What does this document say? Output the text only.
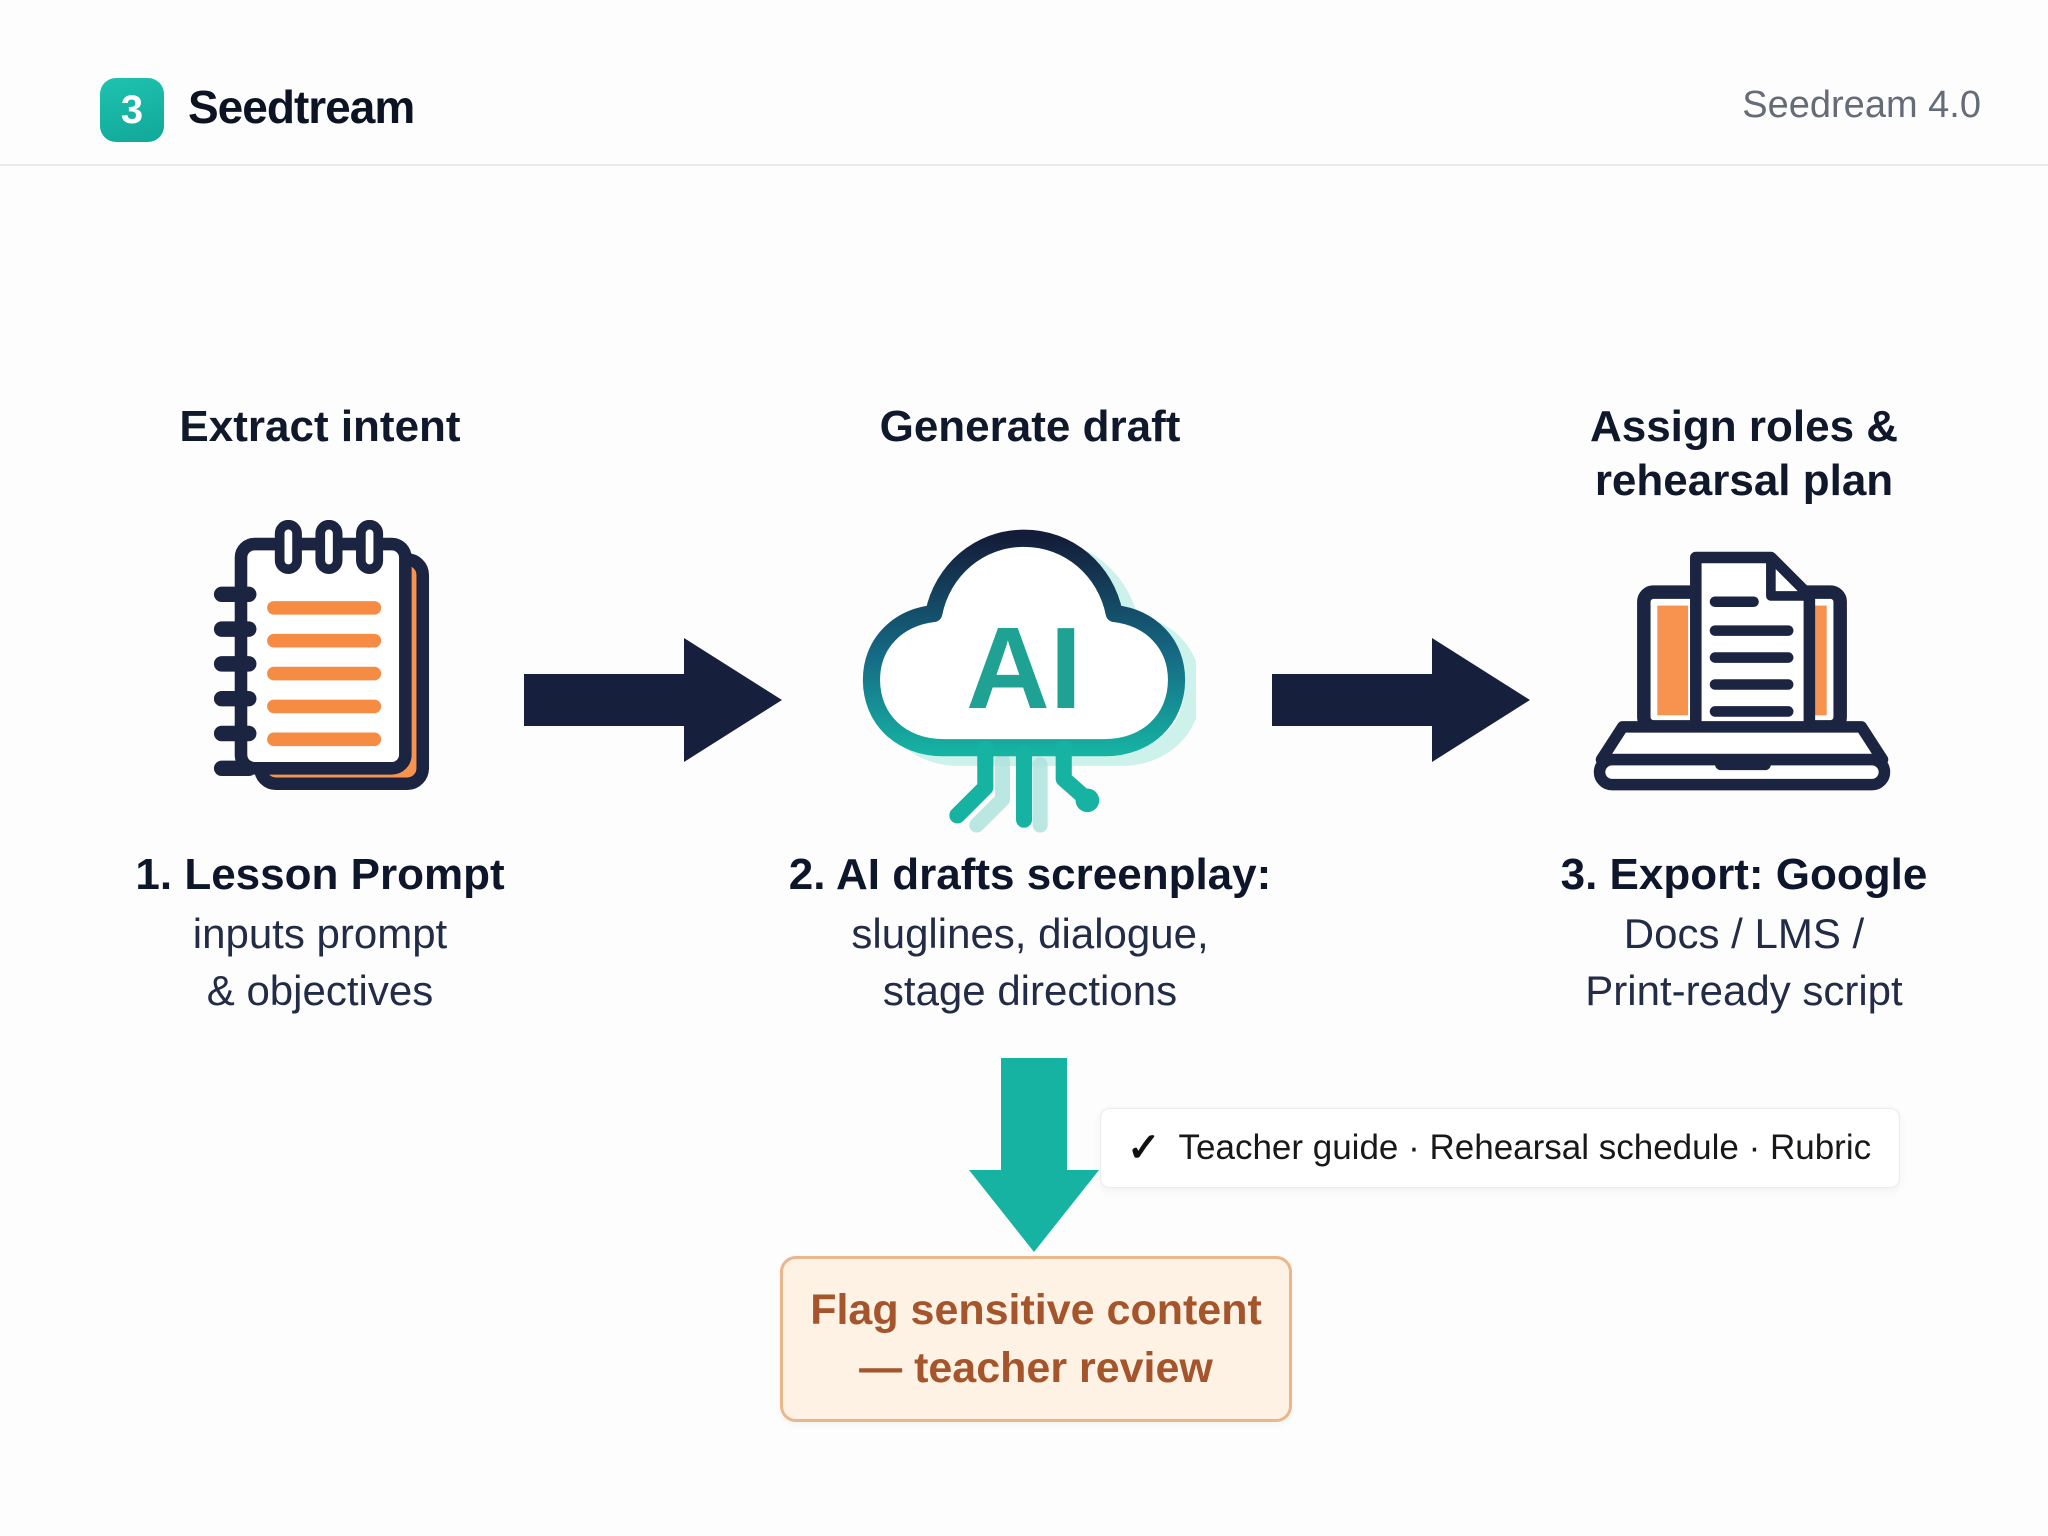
3 Seedtream	Seedream 4.0
Extract intent	Generate draft	Assign roles &
rehearsal plan
AI
1. Lesson Prompt
inputs prompt
& objectives
2. AI drafts screenplay:
sluglines, dialogue,
stage directions
3. Export: Google
Docs / LMS /
Print-ready script
✓ Teacher guide · Rehearsal schedule · Rubric
Flag sensitive content
— teacher review
